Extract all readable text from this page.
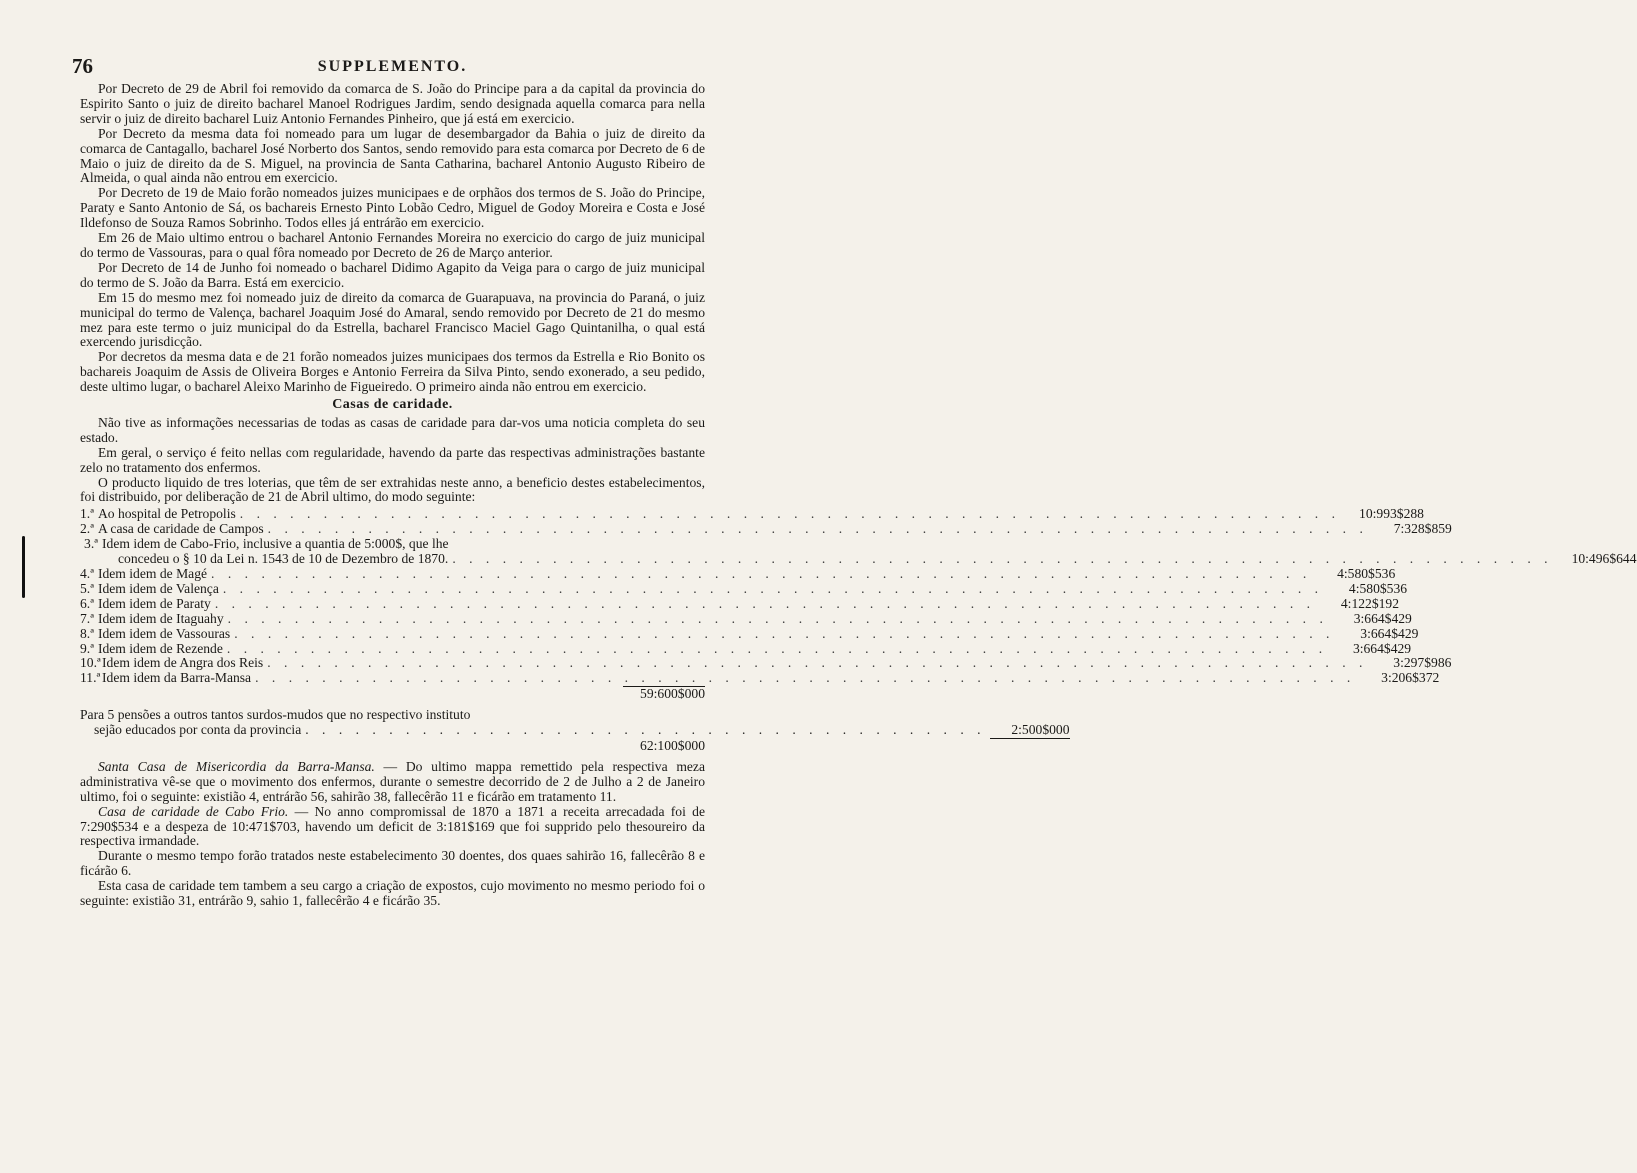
76	SUPPLEMENTO.

Por Decreto de 29 de Abril foi removido da comarca de S. João do Principe para a da capital da provincia do Espirito Santo o juiz de direito bacharel Manoel Rodrigues Jardim, sendo designada aquella comarca para nella servir o juiz de direito bacharel Luiz Antonio Fernandes Pinheiro, que já está em exercicio.

Por Decreto da mesma data foi nomeado para um lugar de desembargador da Bahia o juiz de direito da comarca de Cantagallo, bacharel José Norberto dos Santos, sendo removido para esta comarca por Decreto de 6 de Maio o juiz de direito da de S. Miguel, na provincia de Santa Catharina, bacharel Antonio Augusto Ribeiro de Almeida, o qual ainda não entrou em exercicio.

Por Decreto de 19 de Maio forão nomeados juizes municipaes e de orphãos dos termos de S. João do Principe, Paraty e Santo Antonio de Sá, os bachareis Ernesto Pinto Lobão Cedro, Miguel de Godoy Moreira e Costa e José Ildefonso de Souza Ramos Sobrinho. Todos elles já entrárão em exercicio.

Em 26 de Maio ultimo entrou o bacharel Antonio Fernandes Moreira no exercicio do cargo de juiz municipal do termo de Vassouras, para o qual fôra nomeado por Decreto de 26 de Março anterior.

Por Decreto de 14 de Junho foi nomeado o bacharel Didimo Agapito da Veiga para o cargo de juiz municipal do termo de S. João da Barra. Está em exercicio.

Em 15 do mesmo mez foi nomeado juiz de direito da comarca de Guarapuava, na provincia do Paraná, o juiz municipal do termo de Valença, bacharel Joaquim José do Amaral, sendo removido por Decreto de 21 do mesmo mez para este termo o juiz municipal do da Estrella, bacharel Francisco Maciel Gago Quintanilha, o qual está exercendo jurisdicção.

Por decretos da mesma data e de 21 forão nomeados juizes municipaes dos termos da Estrella e Rio Bonito os bachareis Joaquim de Assis de Oliveira Borges e Antonio Ferreira da Silva Pinto, sendo exonerado, a seu pedido, deste ultimo lugar, o bacharel Aleixo Marinho de Figueiredo. O primeiro ainda não entrou em exercicio.

Casas de caridade.

Não tive as informações necessarias de todas as casas de caridade para dar-vos uma noticia completa do seu estado.

Em geral, o serviço é feito nellas com regularidade, havendo da parte das respectivas administrações bastante zelo no tratamento dos enfermos.

O producto liquido de tres loterias, que têm de ser extrahidas neste anno, a beneficio destes estabelecimentos, foi distribuido, por deliberação de 21 de Abril ultimo, do modo seguinte:

1.ª Ao hospital de Petropolis . . .	10:993$288
2.ª A casa de caridade de Campos . . .	7:328$859
3.ª Idem idem de Cabo-Frio, inclusive a quantia de 5:000$, que lhe
concedeu o § 10 da Lei n. 1543 de 10 de Dezembro de 1870. . . .	10:496$644
4.ª Idem idem de Magé . . .	4:580$536
5.ª Idem idem de Valença . . .	4:580$536
6.ª Idem idem de Paraty . . .	4:122$192
7.ª Idem idem de Itaguahy . . .	3:664$429
8.ª Idem idem de Vassouras . . .	3:664$429
9.ª Idem idem de Rezende . . .	3:664$429
10.ª Idem idem de Angra dos Reis . . .	3:297$986
11.ª Idem idem da Barra-Mansa . . .	3:206$372
59:600$000
Para 5 pensões a outros tantos surdos-mudos que no respectivo instituto
sejão educados por conta da provincia . . .	2:500$000
62:100$000

Santa Casa de Misericordia da Barra-Mansa. — Do ultimo mappa remettido pela respectiva meza administrativa vê-se que o movimento dos enfermos, durante o semestre decorrido de 2 de Julho a 2 de Janeiro ultimo, foi o seguinte: existião 4, entrárão 56, sahirão 38, fallecêrão 11 e ficárão em tratamento 11.

Casa de caridade de Cabo Frio. — No anno compromissal de 1870 a 1871 a receita arrecadada foi de 7:290$534 e a despeza de 10:471$703, havendo um deficit de 3:181$169 que foi supprido pelo thesoureiro da respectiva irmandade.

Durante o mesmo tempo forão tratados neste estabelecimento 30 doentes, dos quaes sahirão 16, fallecêrão 8 e ficárão 6.

Esta casa de caridade tem tambem a seu cargo a criação de expostos, cujo movimento no mesmo periodo foi o seguinte: existião 31, entrárão 9, sahio 1, fallecêrão 4 e ficárão 35.
